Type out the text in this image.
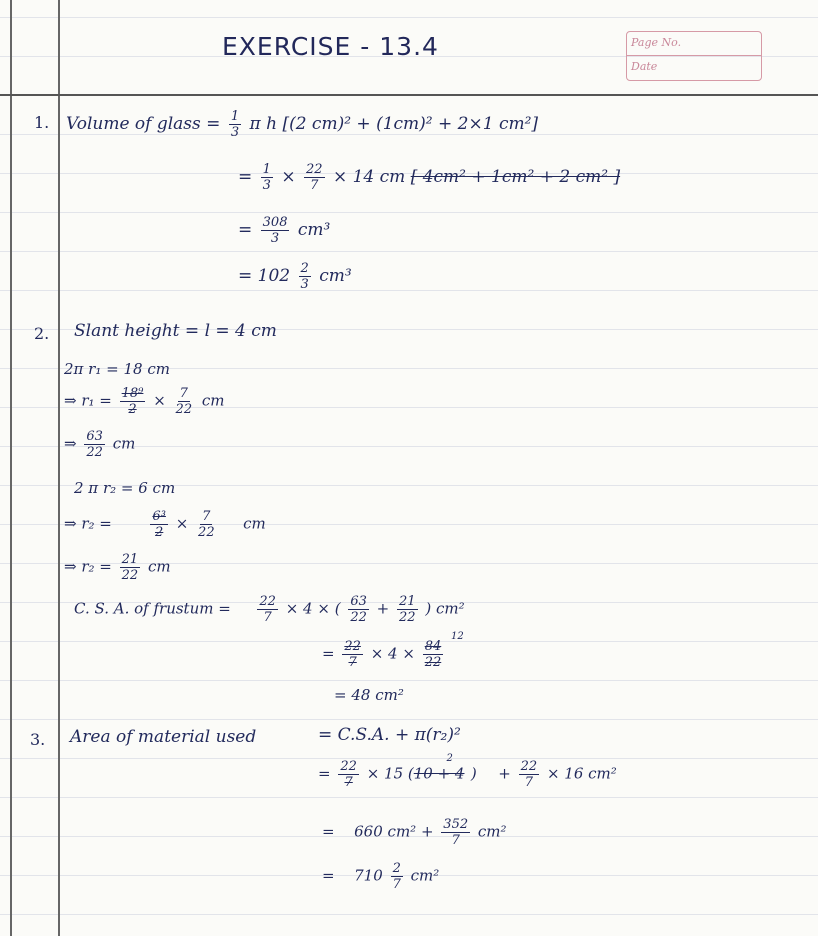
EXERCISE - 13.4	Page No.
Date
1. Volume of glass = $\frac{1}{3}$ π h [(2 cm)² + (1cm)² + 2×1 cm²]
= $\frac{1}{3} \times \frac{22}{7} \times 14$ cm [ 4cm² + 1cm² + 2 cm² ]
= $\frac{308}{3} cm^3$
= $102 \frac{2}{3} cm^3$
2. Slant height = l = 4 cm
2π r₁ = 18 cm
⇒ $r_1 = \frac{\text{18⁹}}{2} \times \frac{7}{22}$ cm
⇒ $\frac{63}{22}$ cm
2 π r₂ = 6 cm
⇒ r₂ =	$\frac{\text{6³}}{2} \times \frac{7}{22}$ cm
⇒ $r_2 = \frac{21}{22}$ cm
C. S. A. of frustum = $\frac{22}{7} \times 4$ × ( $\frac{63}{22} + \frac{21}{22}$ ) cm²
= $\frac{22}{7} \times 4 \times \frac{84}{22}$
$^{12}$
= 48 cm²
3. Area of material used	= C.S.A. + π(r₂)²
= $\frac{22}{7} \times 15$ $(10 + 4^2) + \frac{22}{7} \times 16$ cm²
= 660 $cm^2 + \frac{352}{7} cm^2$
= $710 \frac{2}{7} cm^2$
